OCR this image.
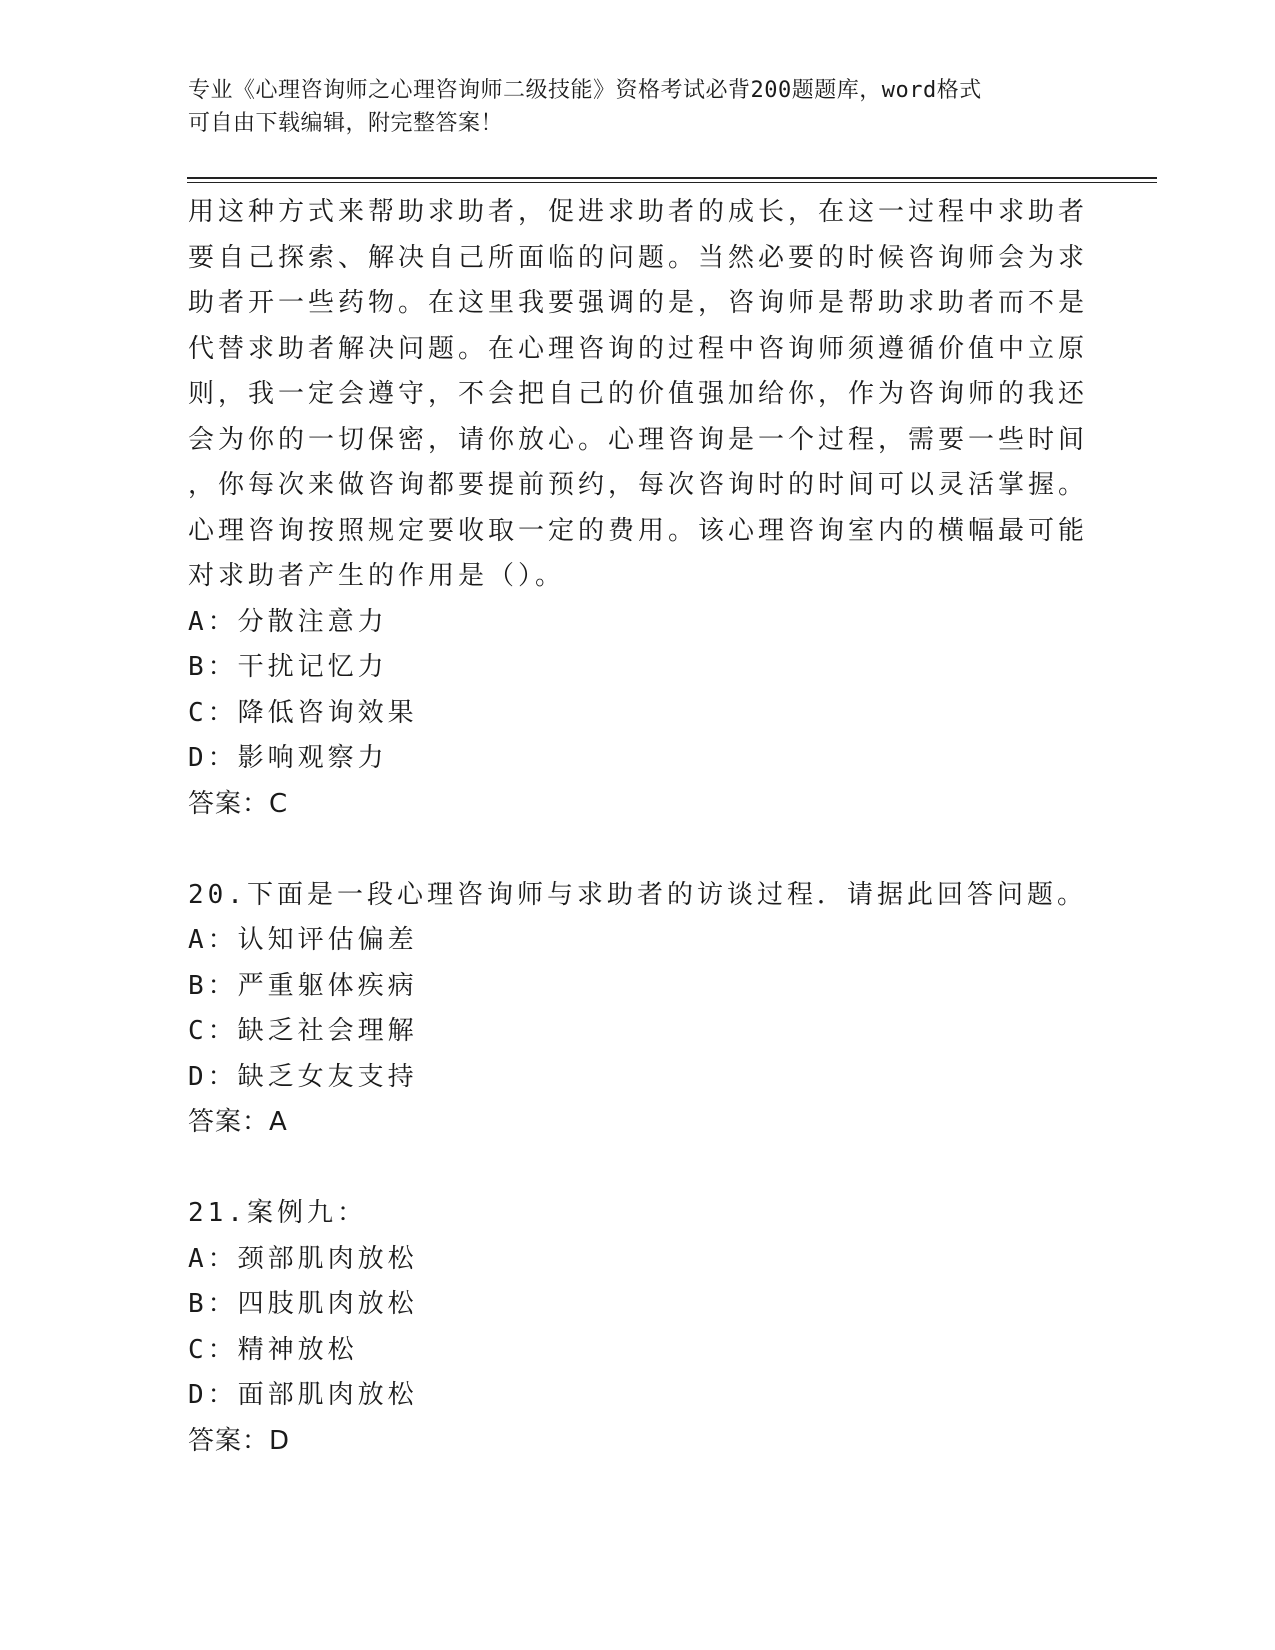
专业《心理咨询师之心理咨询师二级技能》资格考试必背200题题库，word格式
可自由下载编辑，附完整答案！
用这种方式来帮助求助者，促进求助者的成长，在这一过程中求助者
要自己探索、解决自己所面临的问题。当然必要的时候咨询师会为求
助者开一些药物。在这里我要强调的是，咨询师是帮助求助者而不是
代替求助者解决问题。在心理咨询的过程中咨询师须遵循价值中立原
则，我一定会遵守，不会把自己的价值强加给你，作为咨询师的我还
会为你的一切保密，请你放心。心理咨询是一个过程，需要一些时间
，你每次来做咨询都要提前预约，每次咨询时的时间可以灵活掌握。
心理咨询按照规定要收取一定的费用。该心理咨询室内的横幅最可能
对求助者产生的作用是（）。
A：分散注意力
B：干扰记忆力
C：降低咨询效果
D：影响观察力
答案：C
20.下面是一段心理咨询师与求助者的访谈过程．请据此回答问题。
A：认知评估偏差
B：严重躯体疾病
C：缺乏社会理解
D：缺乏女友支持
答案：A
21.案例九：
A：颈部肌肉放松
B：四肢肌肉放松
C：精神放松
D：面部肌肉放松
答案：D
